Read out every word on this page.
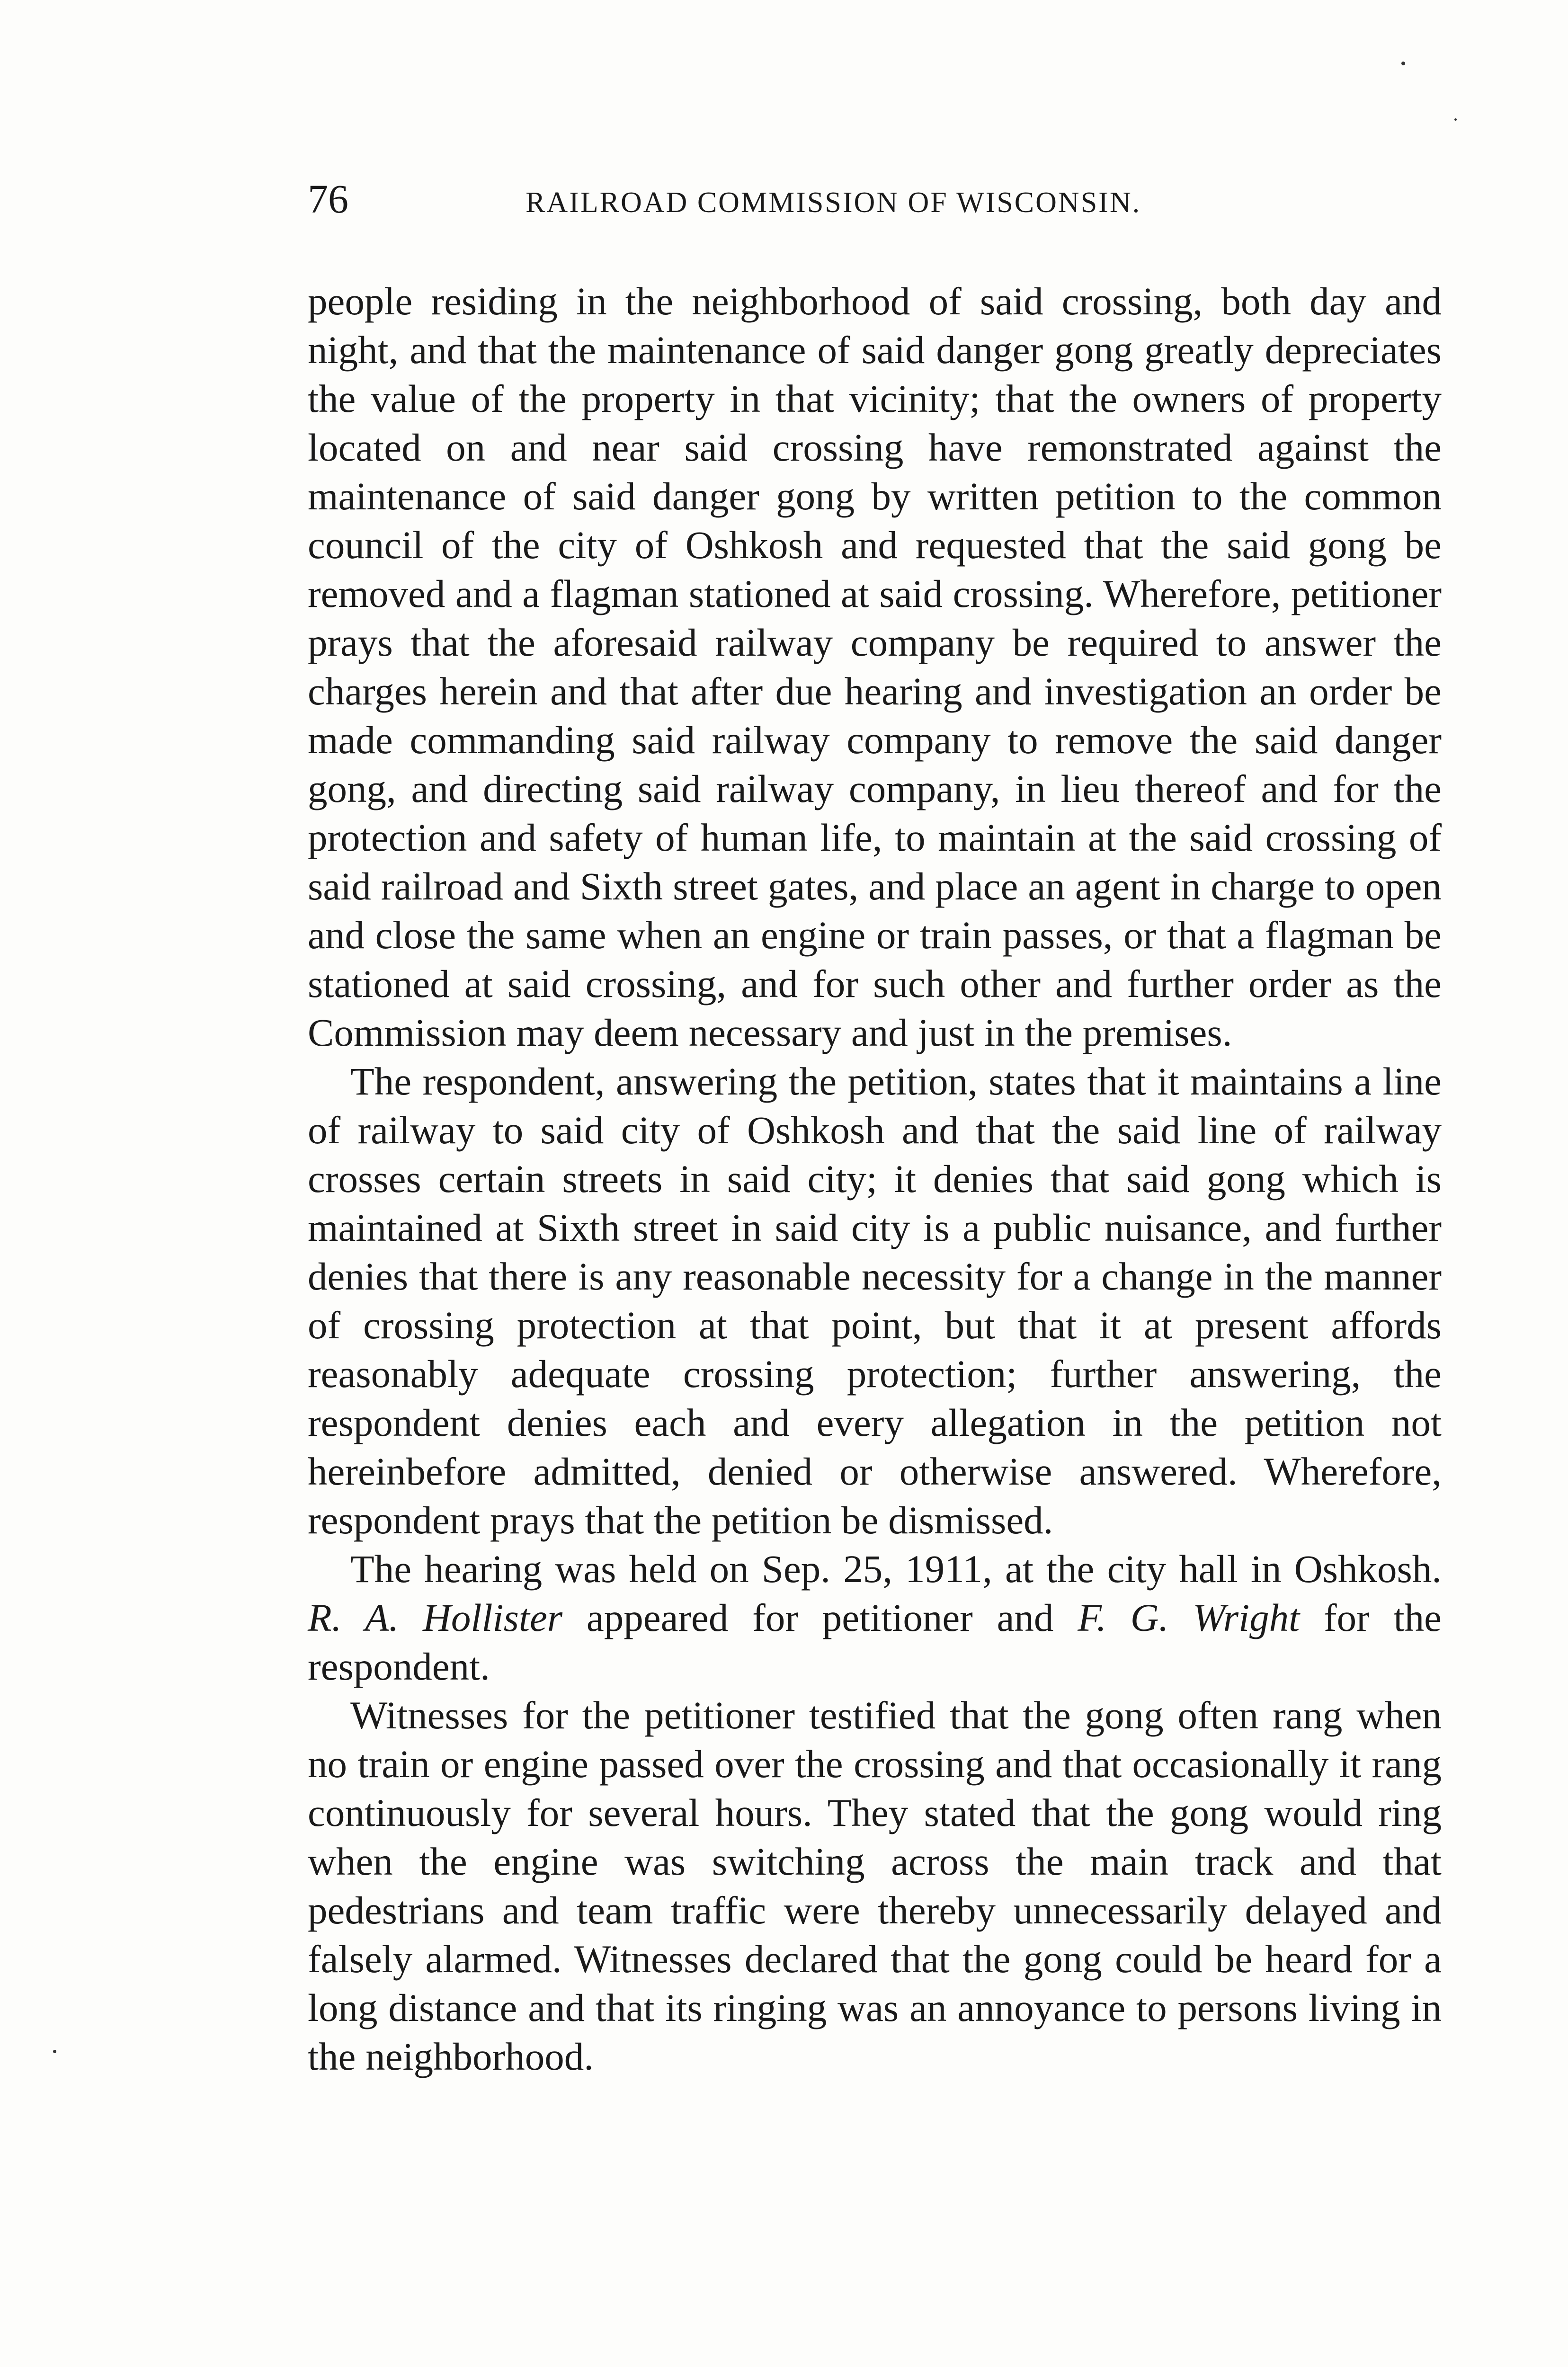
76	RAILROAD COMMISSION OF WISCONSIN.

people residing in the neighborhood of said crossing, both day and night, and that the maintenance of said danger gong greatly depreciates the value of the property in that vicinity; that the owners of property located on and near said crossing have remonstrated against the maintenance of said danger gong by written petition to the common council of the city of Oshkosh and requested that the said gong be removed and a flagman stationed at said crossing. Wherefore, petitioner prays that the aforesaid railway company be required to answer the charges herein and that after due hearing and investigation an order be made commanding said railway company to remove the said danger gong, and directing said railway company, in lieu thereof and for the protection and safety of human life, to maintain at the said crossing of said railroad and Sixth street gates, and place an agent in charge to open and close the same when an engine or train passes, or that a flagman be stationed at said crossing, and for such other and further order as the Commission may deem necessary and just in the premises.

The respondent, answering the petition, states that it maintains a line of railway to said city of Oshkosh and that the said line of railway crosses certain streets in said city; it denies that said gong which is maintained at Sixth street in said city is a public nuisance, and further denies that there is any reasonable necessity for a change in the manner of crossing protection at that point, but that it at present affords reasonably adequate crossing protection; further answering, the respondent denies each and every allegation in the petition not hereinbefore admitted, denied or otherwise answered. Wherefore, respondent prays that the petition be dismissed.

The hearing was held on Sep. 25, 1911, at the city hall in Oshkosh. R. A. Hollister appeared for petitioner and F. G. Wright for the respondent.

Witnesses for the petitioner testified that the gong often rang when no train or engine passed over the crossing and that occasionally it rang continuously for several hours. They stated that the gong would ring when the engine was switching across the main track and that pedestrians and team traffic were thereby unnecessarily delayed and falsely alarmed. Witnesses declared that the gong could be heard for a long distance and that its ringing was an annoyance to persons living in the neighborhood.
